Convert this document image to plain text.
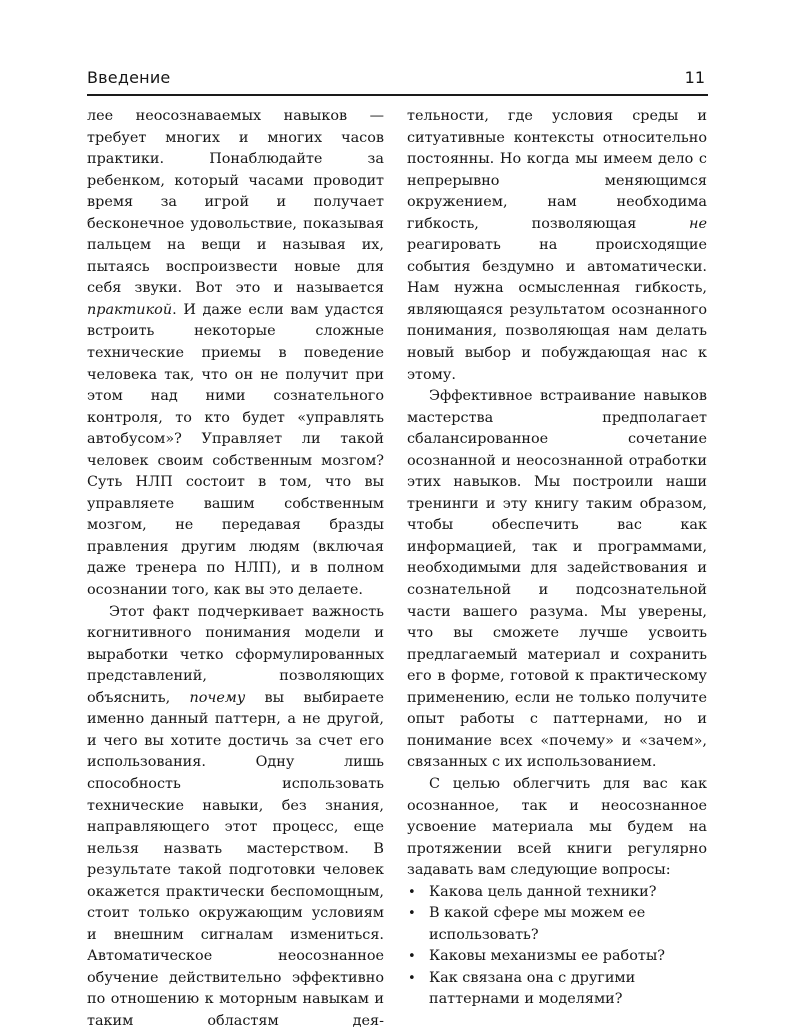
Введение	11

лее неосознаваемых навыков — требует многих и многих часов практики. Понаблюдайте за ребенком, который часами проводит время за игрой и получает бесконечное удовольствие, показывая пальцем на вещи и называя их, пытаясь воспроизвести новые для себя звуки. Вот это и называется практикой. И даже если вам удастся встроить некоторые сложные технические приемы в поведение человека так, что он не получит при этом над ними сознательного контроля, то кто будет «управлять автобусом»? Управляет ли такой человек своим собственным мозгом? Суть НЛП состоит в том, что вы управляете вашим собственным мозгом, не передавая бразды правления другим людям (включая даже тренера по НЛП), и в полном осознании того, как вы это делаете.

Этот факт подчеркивает важность когнитивного понимания модели и выработки четко сформулированных представлений, позволяющих объяснить, почему вы выбираете именно данный паттерн, а не другой, и чего вы хотите достичь за счет его использования. Одну лишь способность использовать технические навыки, без знания, направляющего этот процесс, еще нельзя назвать мастерством. В результате такой подготовки человек окажется практически беспомощным, стоит только окружающим условиям и внешним сигналам измениться. Автоматическое неосознанное обучение действительно эффективно по отношению к моторным навыкам и таким областям дея-

тельности, где условия среды и ситуативные контексты относительно постоянны. Но когда мы имеем дело с непрерывно меняющимся окружением, нам необходима гибкость, позволяющая не реагировать на происходящие события бездумно и автоматически. Нам нужна осмысленная гибкость, являющаяся результатом осознанного понимания, позволяющая нам делать новый выбор и побуждающая нас к этому.

Эффективное встраивание навыков мастерства предполагает сбалансированное сочетание осознанной и неосознанной отработки этих навыков. Мы построили наши тренинги и эту книгу таким образом, чтобы обеспечить вас как информацией, так и программами, необходимыми для задействования и сознательной и подсознательной части вашего разума. Мы уверены, что вы сможете лучше усвоить предлагаемый материал и сохранить его в форме, готовой к практическому применению, если не только получите опыт работы с паттернами, но и понимание всех «почему» и «зачем», связанных с их использованием.

С целью облегчить для вас как осознанное, так и неосознанное усвоение материала мы будем на протяжении всей книги регулярно задавать вам следующие вопросы:

• Какова цель данной техники?
• В какой сфере мы можем ее использовать?
• Каковы механизмы ее работы?
• Как связана она с другими паттернами и моделями?
